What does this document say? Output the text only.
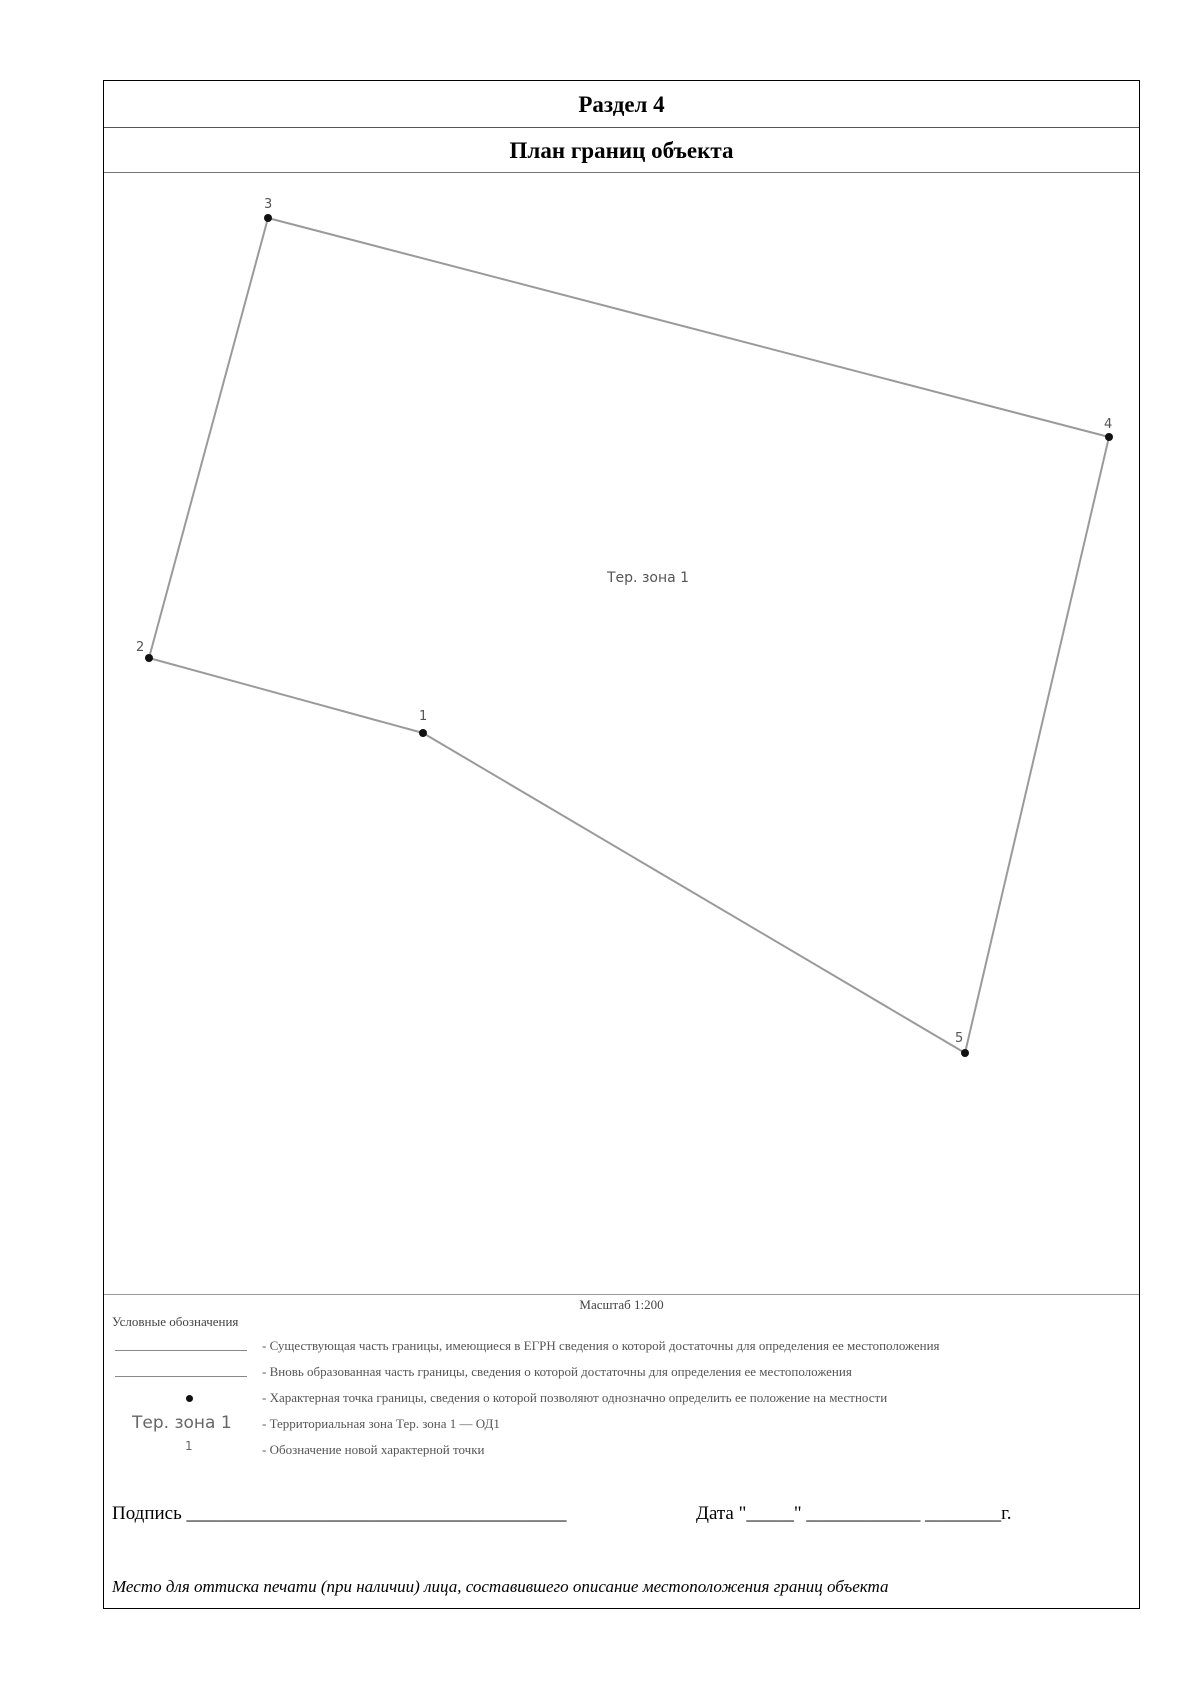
Раздел 4
План границ объекта
1
2
3
4
5
Тер. зона 1
Масштаб 1:200
Условные обозначения
- Существующая часть границы, имеющиеся в ЕГРН сведения о которой достаточны для определения ее местоположения
- Вновь образованная часть границы, сведения о которой достаточны для определения ее местоположения
- Характерная точка границы, сведения о которой позволяют однозначно определить ее положение на местности
Тер. зона 1 - Территориальная зона Тер. зона 1 — ОД1
1	- Обозначение новой характерной точки
Подпись ________________________________________	Дата "_____" ____________ ________г.
Место для оттиска печати (при наличии) лица, составившего описание местоположения границ объекта
